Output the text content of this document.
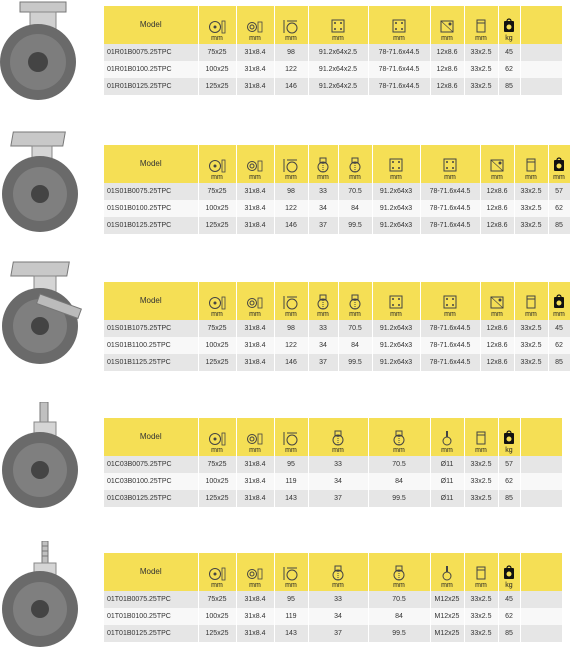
Model	mm	mm	mm	mm	mm	mm	mm	kg	

01R01B0075.25TPC	75x25	31x8.4	98	91.2x64x2.5	78-71.6x44.5	12x8.6	33x2.5	45	
01R01B0100.25TPC	100x25	31x8.4	122	91.2x64x2.5	78-71.6x44.5	12x8.6	33x2.5	62	
01R01B0125.25TPC	125x25	31x8.4	146	91.2x64x2.5	78-71.6x44.5	12x8.6	33x2.5	85	
Model	mm	mm	mm	mm	mm	mm	mm	mm	mm	mm	

01S01B0075.25TPC	75x25	31x8.4	98	33	70.5	91.2x64x3	78-71.6x44.5	12x8.6	33x2.5	57	
01S01B0100.25TPC	100x25	31x8.4	122	34	84	91.2x64x3	78-71.6x44.5	12x8.6	33x2.5	62	
01S01B0125.25TPC	125x25	31x8.4	146	37	99.5	91.2x64x3	78-71.6x44.5	12x8.6	33x2.5	85	
Model	mm	mm	mm	mm	mm	mm	mm	mm	mm	mm	

01S01B1075.25TPC	75x25	31x8.4	98	33	70.5	91.2x64x3	78-71.6x44.5	12x8.6	33x2.5	45	
01S01B1100.25TPC	100x25	31x8.4	122	34	84	91.2x64x3	78-71.6x44.5	12x8.6	33x2.5	62	
01S01B1125.25TPC	125x25	31x8.4	146	37	99.5	91.2x64x3	78-71.6x44.5	12x8.6	33x2.5	85	
Model	mm	mm	mm	mm	mm	mm	mm	kg	

01C03B0075.25TPC	75x25	31x8.4	95	33	70.5	Ø11	33x2.5	57	
01C03B0100.25TPC	100x25	31x8.4	119	34	84	Ø11	33x2.5	62	
01C03B0125.25TPC	125x25	31x8.4	143	37	99.5	Ø11	33x2.5	85	
Model	mm	mm	mm	mm	mm	mm	mm	kg	

01T01B0075.25TPC	75x25	31x8.4	95	33	70.5	M12x25	33x2.5	45	
01T01B0100.25TPC	100x25	31x8.4	119	34	84	M12x25	33x2.5	62	
01T01B0125.25TPC	125x25	31x8.4	143	37	99.5	M12x25	33x2.5	85	
